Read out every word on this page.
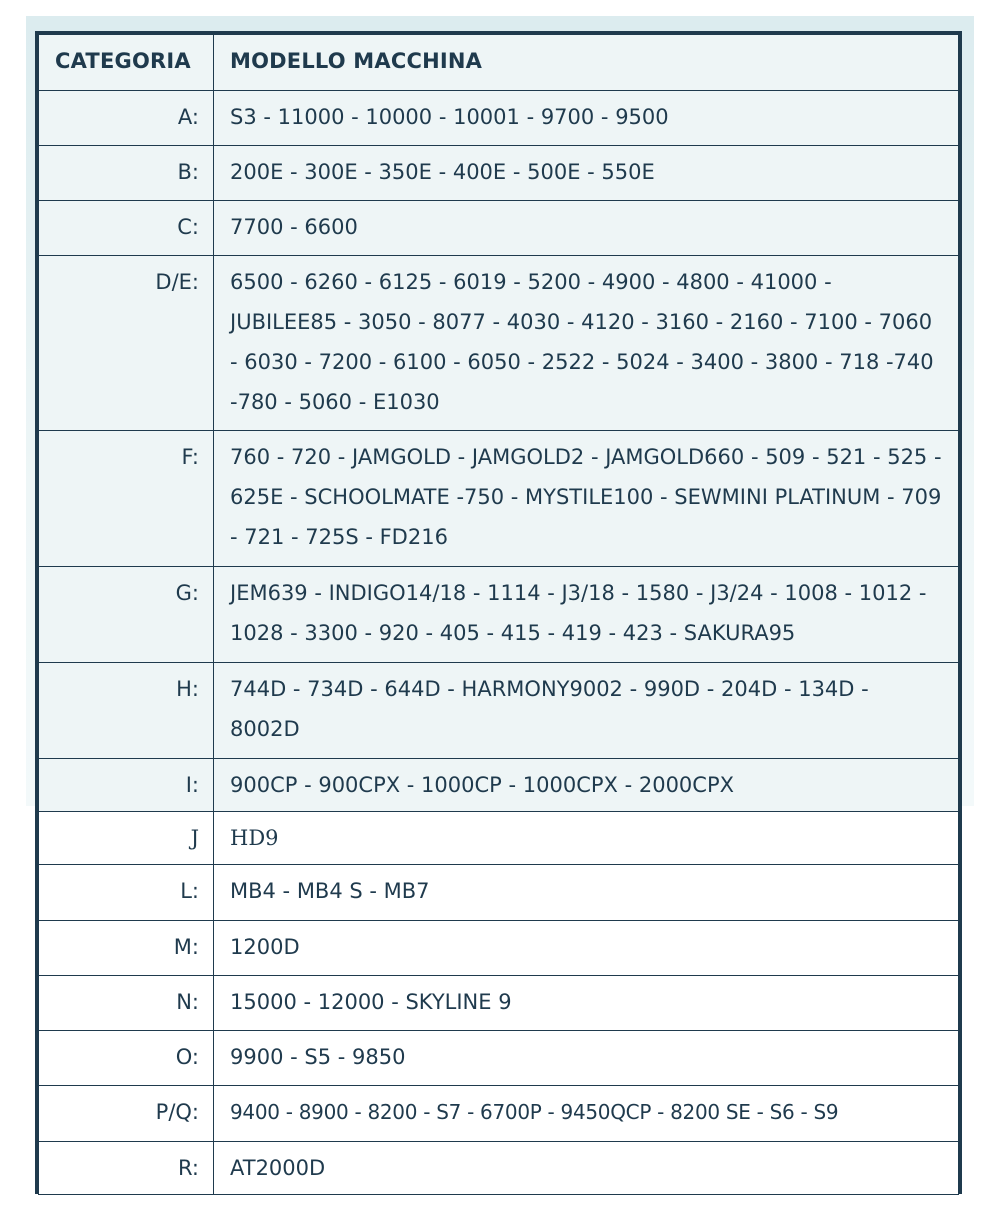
CATEGORIA	MODELLO MACCHINA
A:	S3 - 11000 - 10000 - 10001 - 9700 - 9500
B:	200E - 300E - 350E - 400E - 500E - 550E
C:	7700 - 6600
D/E:	6500 - 6260 - 6125 - 6019 - 5200 - 4900 - 4800 - 41000 - JUBILEE85 - 3050 - 8077 - 4030 - 4120 - 3160 - 2160 - 7100 - 7060 - 6030 - 7200 - 6100 - 6050 - 2522 - 5024 - 3400 - 3800 - 718 -740 -780 - 5060 - E1030
F:	760 - 720 - JAMGOLD - JAMGOLD2 - JAMGOLD660 - 509 - 521 - 525 - 625E - SCHOOLMATE -750 - MYSTILE100 - SEWMINI PLATINUM - 709 - 721 - 725S - FD216
G:	JEM639 - INDIGO14/18 - 1114 - J3/18 - 1580 - J3/24 - 1008 - 1012 - 1028 - 3300 - 920 - 405 - 415 - 419 - 423 - SAKURA95
H:	744D - 734D - 644D - HARMONY9002 - 990D - 204D - 134D - 8002D
I:	900CP - 900CPX - 1000CP - 1000CPX - 2000CPX
J	HD9
L:	MB4 - MB4 S - MB7
M:	1200D
N:	15000 - 12000 - SKYLINE 9
O:	9900 - S5 - 9850
P/Q:	9400 - 8900 - 8200 - S7 - 6700P - 9450QCP - 8200 SE - S6 - S9
R:	AT2000D
